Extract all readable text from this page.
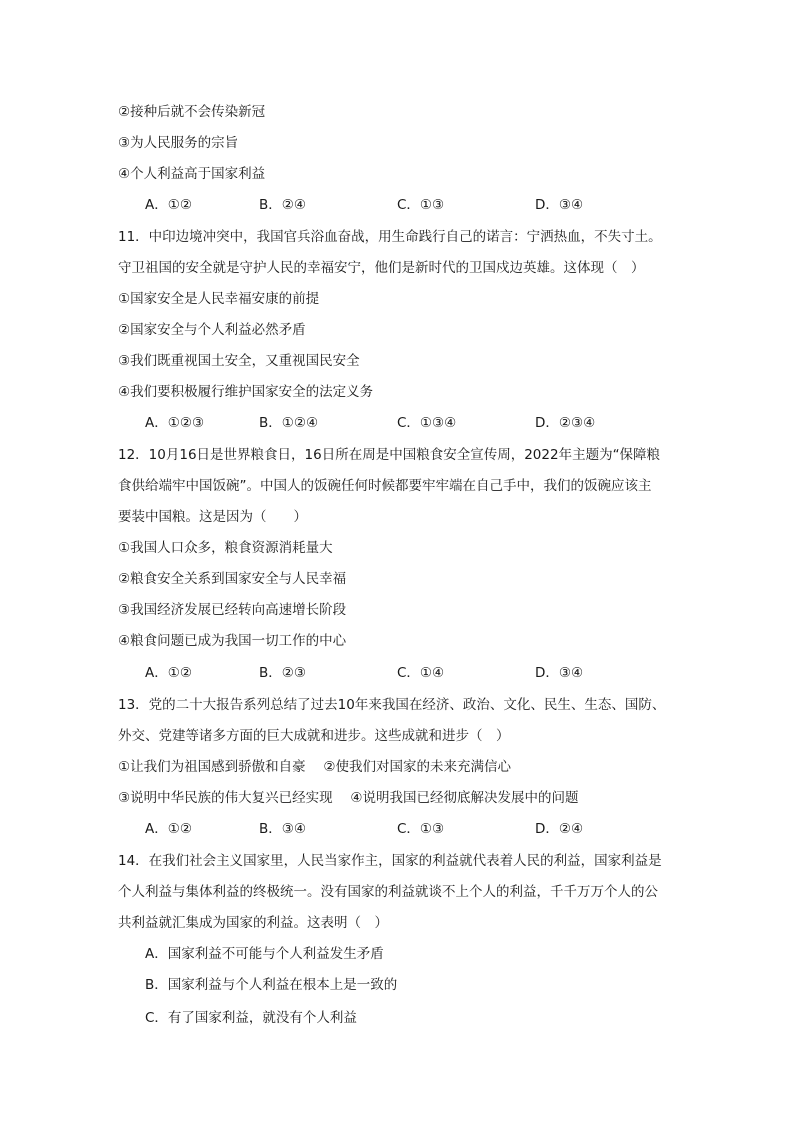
②接种后就不会传染新冠
③为人民服务的宗旨
④个人利益高于国家利益
A．①②	B．②④	C．①③	D．③④
11．中印边境冲突中，我国官兵浴血奋战，用生命践行自己的诺言：宁洒热血，不失寸土。
守卫祖国的安全就是守护人民的幸福安宁，他们是新时代的卫国戍边英雄。这体现（　）
①国家安全是人民幸福安康的前提
②国家安全与个人利益必然矛盾
③我们既重视国土安全，又重视国民安全
④我们要积极履行维护国家安全的法定义务
A．①②③	B．①②④	C．①③④	D．②③④
12．10月16日是世界粮食日，16日所在周是中国粮食安全宣传周，2022年主题为“保障粮
食供给端牢中国饭碗”。中国人的饭碗任何时候都要牢牢端在自己手中，我们的饭碗应该主
要装中国粮。这是因为（　　）
①我国人口众多，粮食资源消耗量大
②粮食安全关系到国家安全与人民幸福
③我国经济发展已经转向高速增长阶段
④粮食问题已成为我国一切工作的中心
A．①②	B．②③	C．①④	D．③④
13．党的二十大报告系列总结了过去10年来我国在经济、政治、文化、民生、生态、国防、
外交、党建等诸多方面的巨大成就和进步。这些成就和进步（　）
①让我们为祖国感到骄傲和自豪　 ②使我们对国家的未来充满信心
③说明中华民族的伟大复兴已经实现　 ④说明我国已经彻底解决发展中的问题
A．①②	B．③④	C．①③	D．②④
14．在我们社会主义国家里，人民当家作主，国家的利益就代表着人民的利益，国家利益是
个人利益与集体利益的终极统一。没有国家的利益就谈不上个人的利益，千千万万个人的公
共利益就汇集成为国家的利益。这表明（　）
A．国家利益不可能与个人利益发生矛盾
B．国家利益与个人利益在根本上是一致的
C．有了国家利益，就没有个人利益
